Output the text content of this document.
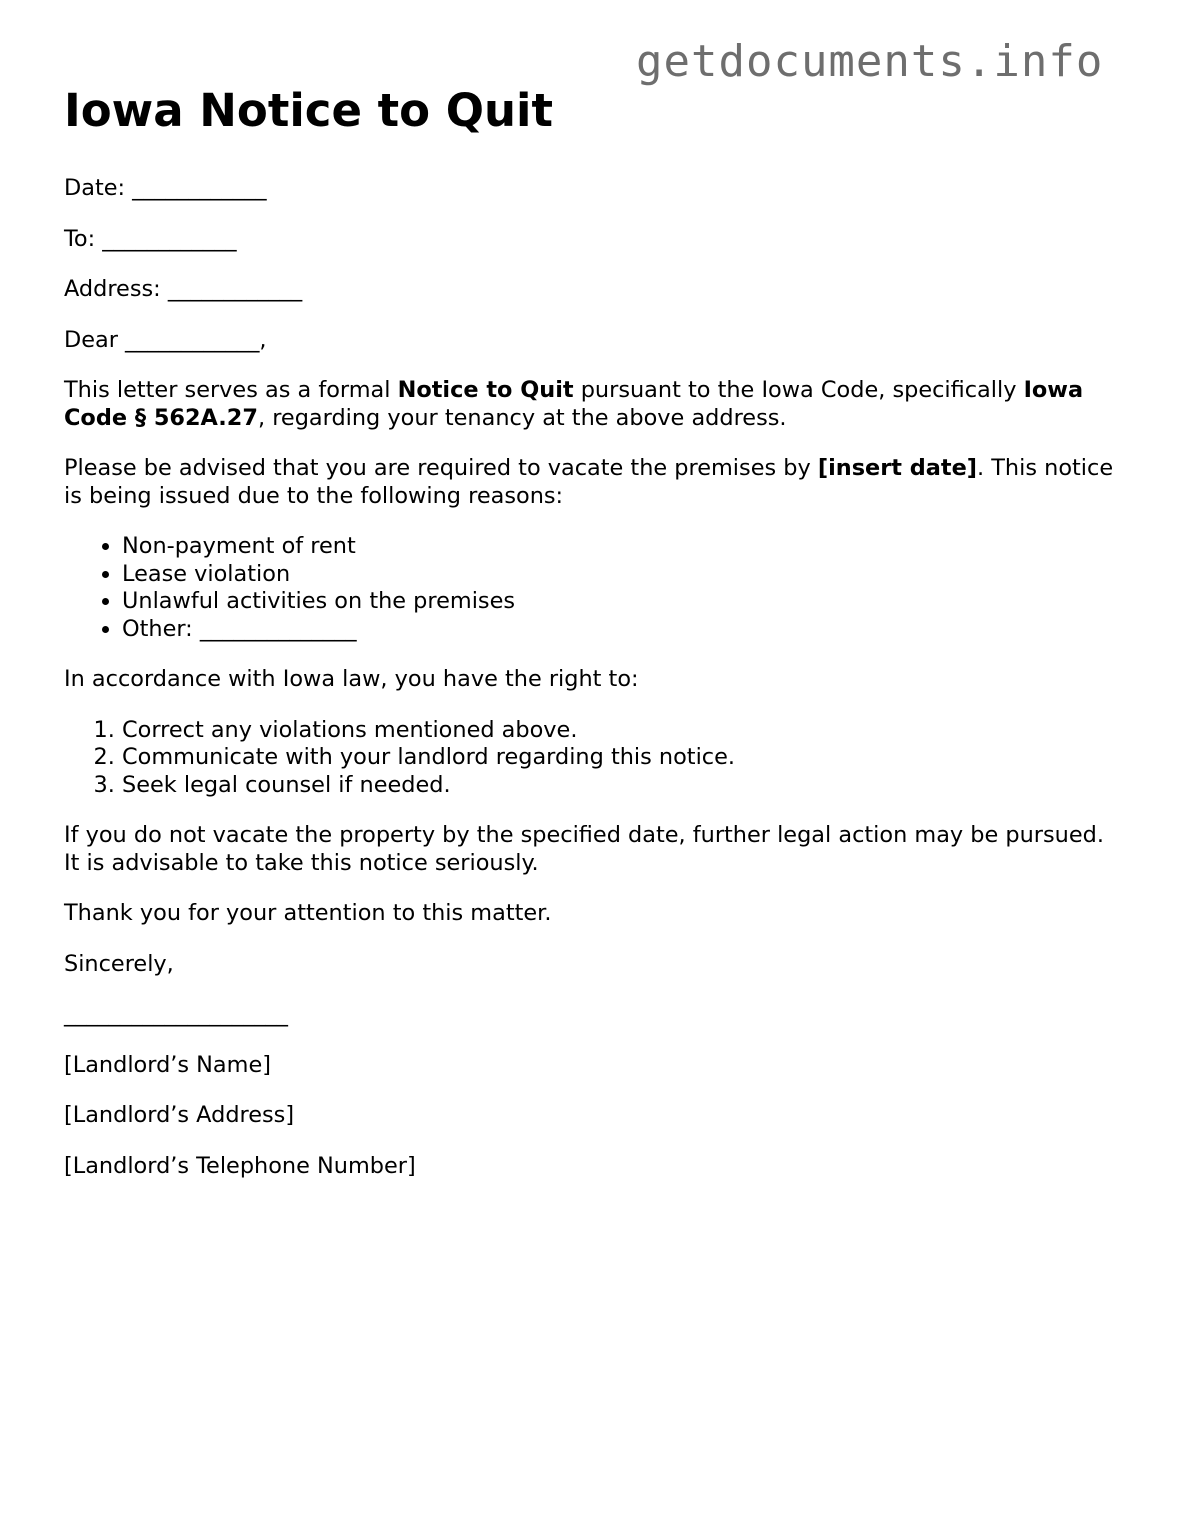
getdocuments.info
Iowa Notice to Quit

Date: ____________

To: ____________

Address: ____________

Dear ____________,

This letter serves as a formal Notice to Quit pursuant to the Iowa Code, specifically Iowa Code § 562A.27, regarding your tenancy at the above address.

Please be advised that you are required to vacate the premises by [insert date]. This notice is being issued due to the following reasons:

• Non-payment of rent
• Lease violation
• Unlawful activities on the premises
• Other: ______________

In accordance with Iowa law, you have the right to:

1. Correct any violations mentioned above.
2. Communicate with your landlord regarding this notice.
3. Seek legal counsel if needed.

If you do not vacate the property by the specified date, further legal action may be pursued. It is advisable to take this notice seriously.

Thank you for your attention to this matter.

Sincerely,

____________________

[Landlord’s Name]

[Landlord’s Address]

[Landlord’s Telephone Number]
